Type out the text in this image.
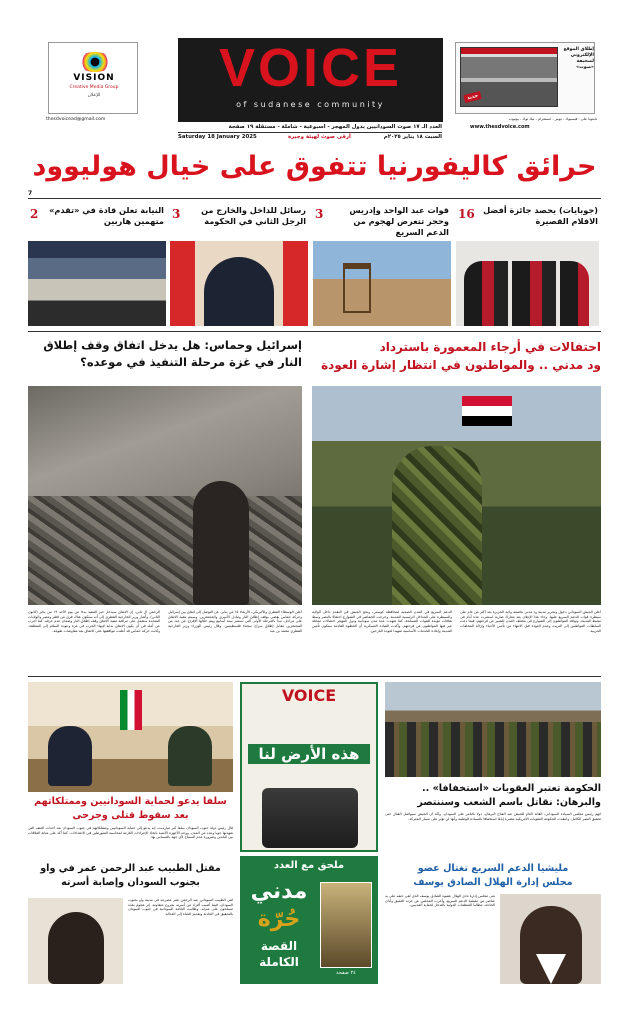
VISION
Creative Media Group
للإعلان
thesdvoicead@gmail.com
VOICE
of sudanese community
إطلاق الموقع الإلكتروني لصحيفة «صوت»
جديد
تابعونا على : فيسبوك - تويتر - انستغرام - تيك توك - يوتيوب
www.thesdvoice.com
العدد الـ ١٧ صوت السودانيين بدول المهجر - اسبوعية - شاملة - مستقلة ١٩ صفحة
Saturday 18 January 2025	أرقى صوت لهيئة وجيرة	السبت ١٨ يناير ٢٠٢٥م
حرائق كاليفورنيا تتفوق على خيال هوليوود
7
2	النيابة تعلن قادة في «تقدم» متهمين هاربين 3	رسائل للداخل والخارج من الرجل الثاني في الحكومة 3	قوات عبد الواحد وإدريس وحجر تتعرض لهجوم من الدعم السريع
16	(جوبايات) يحصد جائزة أفضل الافلام القصيرة
إسرائيل وحماس: هل يدخل اتفاق وقف إطلاق النار في غزة مرحلة التنفيذ في موعده؟
احتفالات في أرجاء المعمورة باسترداد
ود مدني .. والمواطنون في انتظار إشارة العودة
الرحمن آل ثاني، إن الاتفاق سيدخل حيز التنفيذ بدءا من يوم الأحد ١٩ من يناير (كانون الثاني). وأشار وزير الخارجية القطري إلى أنه ستكون هناك فرق من قطر ومصر والولايات المتحدة ستعمل على مراقبة تنفيذ الاتفاق وقف إطلاق النار وضمان عدم خرقه. كما أعرب عن أمله في أن يكون الاتفاق بداية لإنهاء الحرب في غزة وعودة السلام إلى المنطقة. وكانت حركة حماس قد أعلنت موافقتها على الاتفاق بعد مفاوضات طويلة.
أعلن الوسطاء القطري والأمريكي، الأربعاء ١٥ من يناير، عن التوصل إلى اتفاق بين إسرائيل وحركة حماس يقضي بوقف إطلاق النار وتبادل الأسرى والمحتجزين. وسيتم تنفيذ الاتفاق على مراحل، تبدأ بالمرحلة الأولى التي تستمر ستة أسابيع ويتم خلالها الإفراج عن عدد من المحتجزين مقابل إطلاق سراح سجناء فلسطينيين. وقال رئيس الوزراء وزير الخارجية القطري محمد بن عبد
الدعم السريع في المدن الصحية لمحافظة كوستي، ونجح الجيش في التقدم داخل الولاية والسيطرة على المداخل الرئيسية للمدينة. وخرجت الجماهير في الشوارع احتفالا بالنصر وسط هتافات مؤيدة للقوات المسلحة. كما شهدت عدة مدن سودانية ودول المهجر احتفالات مماثلة عبر فيها المواطنون عن فرحتهم. وأكدت القيادة العسكرية أن الخطوة القادمة ستكون تأمين المدينة وإعادة الخدمات الأساسية تمهيدا لعودة النازحين.
أعلن الجيش السوداني دخول وتحرير مدينة ود مدني عاصمة ولاية الجزيرة بعد أكثر من عام على سيطرة قوات الدعم السريع عليها. وجاء هذا الإعلان بعد معارك ضارية استمرت عدة أيام في محيط المدينة. وتوافد المواطنون إلى الشوارع في مختلف المدن للتعبير عن فرحتهم، فيما دعت السلطات المواطنين إلى التريث وعدم العودة قبل الانتهاء من تأمين الأحياء وإزالة المخلفات الحربية.
سلفا يدعو لحماية السودانيين وممتلكاتهم بعد سقوط قتلى وجرحى
قال رئيس دولة جنوب السودان سلفا كير ميارديت، إنه يدعو إلى حماية السودانيين وممتلكاتهم في جنوب السودان بعد أحداث العنف التي شهدتها جوبا وعدد من المدن. ووجه الأجهزة الأمنية باتخاذ الإجراءات اللازمة لمحاسبة المتورطين في الاعتداءات. كما أكد على متانة العلاقات بين البلدين وضرورة عدم السماح لأي جهة بالمساس بها.
VOICE
هذه الأرض لنا
ملحق مع العدد
مدني
حُرّة
القصة الكاملة
٢٤ صفحة
الحكومة تعتبر العقوبات «استخفافا» ..
والبرهان: نقاتل باسم الشعب وسننتصر
اتهم رئيس مجلس السيادة السوداني، القائد العام للجيش عبد الفتاح البرهان، دولا بالتآمر على السودان، وأكد أن الجيش سيواصل القتال حتى تحقيق النصر الكامل. وانتقدت الحكومة العقوبات الأمريكية معتبرة إياها استخفافا بالسيادة الوطنية وأنها لن تؤثر على مسار المعركة.
مقتل الطبيب عبد الرحمن عمر في واو بجنوب السودان وإصابة أسرته
لقي الطبيب السوداني عبد الرحمن عمر مصرعه في مدينة واو بجنوب السودان، فيما أصيب أفراد من أسرته بجروح متفاوتة، إثر هجوم نفذه مسلحون على منزله. وطالبت الجالية السودانية في جنوب السودان بالتحقيق في الحادثة وتقديم الجناة إلى العدالة.
مليشيا الدعم السريع تغتال عضو
مجلس إدارة الهلال الصادق يوسف
نعى مجلس إدارة نادي الهلال عضوه الصادق يوسف الذي لقي حتفه على يد عناصر من مليشيا الدعم السريع. وأعرب المجلس عن حزنه العميق وأدان الحادثة، مطالبا المنظمات الدولية بالتدخل لحماية المدنيين.
